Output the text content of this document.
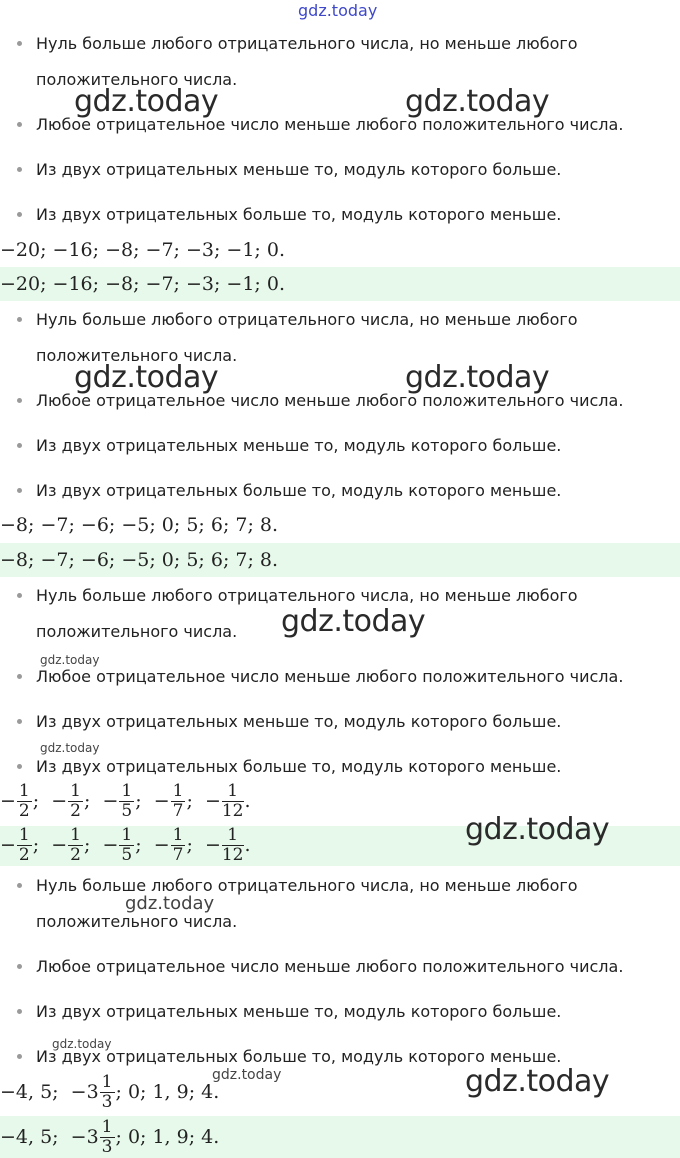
gdz.today
Нуль больше любого отрицательного числа, но меньше любого
положительного числа.
Любое отрицательное число меньше любого положительного числа.
Из двух отрицательных меньше то, модуль которого больше.
Из двух отрицательных больше то, модуль которого меньше.
−20; −16; −8; −7; −3; −1; 0.
−20; −16; −8; −7; −3; −1; 0.
Нуль больше любого отрицательного числа, но меньше любого
положительного числа.
Любое отрицательное число меньше любого положительного числа.
Из двух отрицательных меньше то, модуль которого больше.
Из двух отрицательных больше то, модуль которого меньше.
−8; −7; −6; −5; 0; 5; 6; 7; 8.
−8; −7; −6; −5; 0; 5; 6; 7; 8.
Нуль больше любого отрицательного числа, но меньше любого
положительного числа.
Любое отрицательное число меньше любого положительного числа.
Из двух отрицательных меньше то, модуль которого больше.
Из двух отрицательных больше то, модуль которого меньше.
− $\frac{1}{2}$ ;  − $\frac{1}{2}$ ;  − $\frac{1}{5}$ ;  − $\frac{1}{7}$ ;  − $\frac{1}{12}$ .
− $\frac{1}{2}$ ;  − $\frac{1}{2}$ ;  − $\frac{1}{5}$ ;  − $\frac{1}{7}$ ;  − $\frac{1}{12}$ .
Нуль больше любого отрицательного числа, но меньше любого
положительного числа.
Любое отрицательное число меньше любого положительного числа.
Из двух отрицательных меньше то, модуль которого больше.
Из двух отрицательных больше то, модуль которого меньше.
−4, 5;  $-3 \frac{1}{3}$ ; 0; 1, 9; 4.
−4, 5;  $-3 \frac{1}{3}$ ; 0; 1, 9; 4.
gdz.today	gdz.today
gdz.today	gdz.today
gdz.today
gdz.today
gdz.today
gdz.today
gdz.today
gdz.today
gdz.today	gdz.today
